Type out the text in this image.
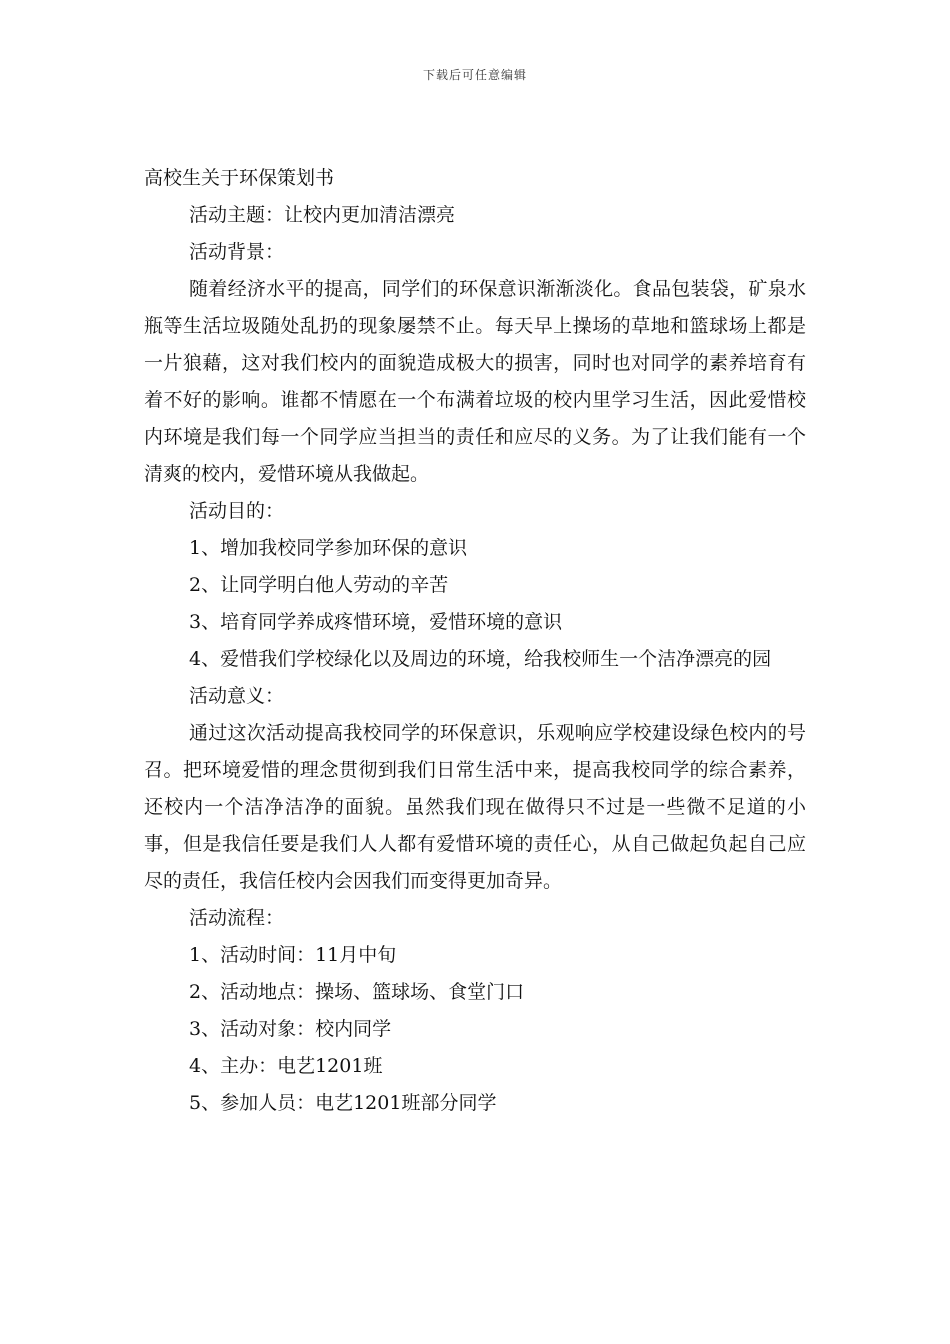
下载后可任意编辑

高校生关于环保策划书

活动主题：让校内更加清洁漂亮

活动背景：

随着经济水平的提高，同学们的环保意识渐渐淡化。食品包装袋，矿泉水瓶等生活垃圾随处乱扔的现象屡禁不止。每天早上操场的草地和篮球场上都是一片狼藉，这对我们校内的面貌造成极大的损害，同时也对同学的素养培育有着不好的影响。谁都不情愿在一个布满着垃圾的校内里学习生活，因此爱惜校内环境是我们每一个同学应当担当的责任和应尽的义务。为了让我们能有一个清爽的校内，爱惜环境从我做起。

活动目的：

1、增加我校同学参加环保的意识

2、让同学明白他人劳动的辛苦

3、培育同学养成疼惜环境，爱惜环境的意识

4、爱惜我们学校绿化以及周边的环境，给我校师生一个洁净漂亮的园

活动意义：

通过这次活动提高我校同学的环保意识，乐观响应学校建设绿色校内的号召。把环境爱惜的理念贯彻到我们日常生活中来，提高我校同学的综合素养，还校内一个洁净洁净的面貌。虽然我们现在做得只不过是一些微不足道的小事，但是我信任要是我们人人都有爱惜环境的责任心，从自己做起负起自己应尽的责任，我信任校内会因我们而变得更加奇异。

活动流程：

1、活动时间：11月中旬

2、活动地点：操场、篮球场、食堂门口

3、活动对象：校内同学

4、主办：电艺1201班

5、参加人员：电艺1201班部分同学
